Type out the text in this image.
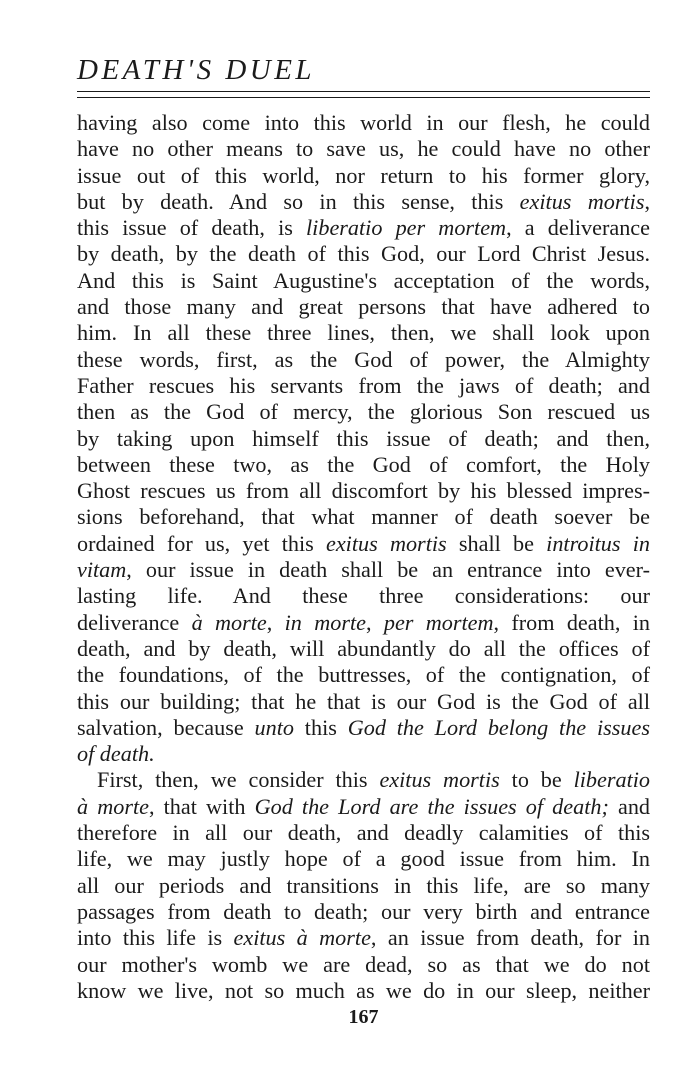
DEATH'S DUEL
having also come into this world in our flesh, he could
have no other means to save us, he could have no other
issue out of this world, nor return to his former glory,
but by death. And so in this sense, this exitus mortis,
this issue of death, is liberatio per mortem, a deliverance
by death, by the death of this God, our Lord Christ Jesus.
And this is Saint Augustine's acceptation of the words,
and those many and great persons that have adhered to
him. In all these three lines, then, we shall look upon
these words, first, as the God of power, the Almighty
Father rescues his servants from the jaws of death; and
then as the God of mercy, the glorious Son rescued us
by taking upon himself this issue of death; and then,
between these two, as the God of comfort, the Holy
Ghost rescues us from all discomfort by his blessed impres-
sions beforehand, that what manner of death soever be
ordained for us, yet this exitus mortis shall be introitus in
vitam, our issue in death shall be an entrance into ever-
lasting life. And these three considerations: our
deliverance à morte, in morte, per mortem, from death, in
death, and by death, will abundantly do all the offices of
the foundations, of the buttresses, of the contignation, of
this our building; that he that is our God is the God of all
salvation, because unto this God the Lord belong the issues
of death.
First, then, we consider this exitus mortis to be liberatio
à morte, that with God the Lord are the issues of death; and
therefore in all our death, and deadly calamities of this
life, we may justly hope of a good issue from him. In
all our periods and transitions in this life, are so many
passages from death to death; our very birth and entrance
into this life is exitus à morte, an issue from death, for in
our mother's womb we are dead, so as that we do not
know we live, not so much as we do in our sleep, neither
167
